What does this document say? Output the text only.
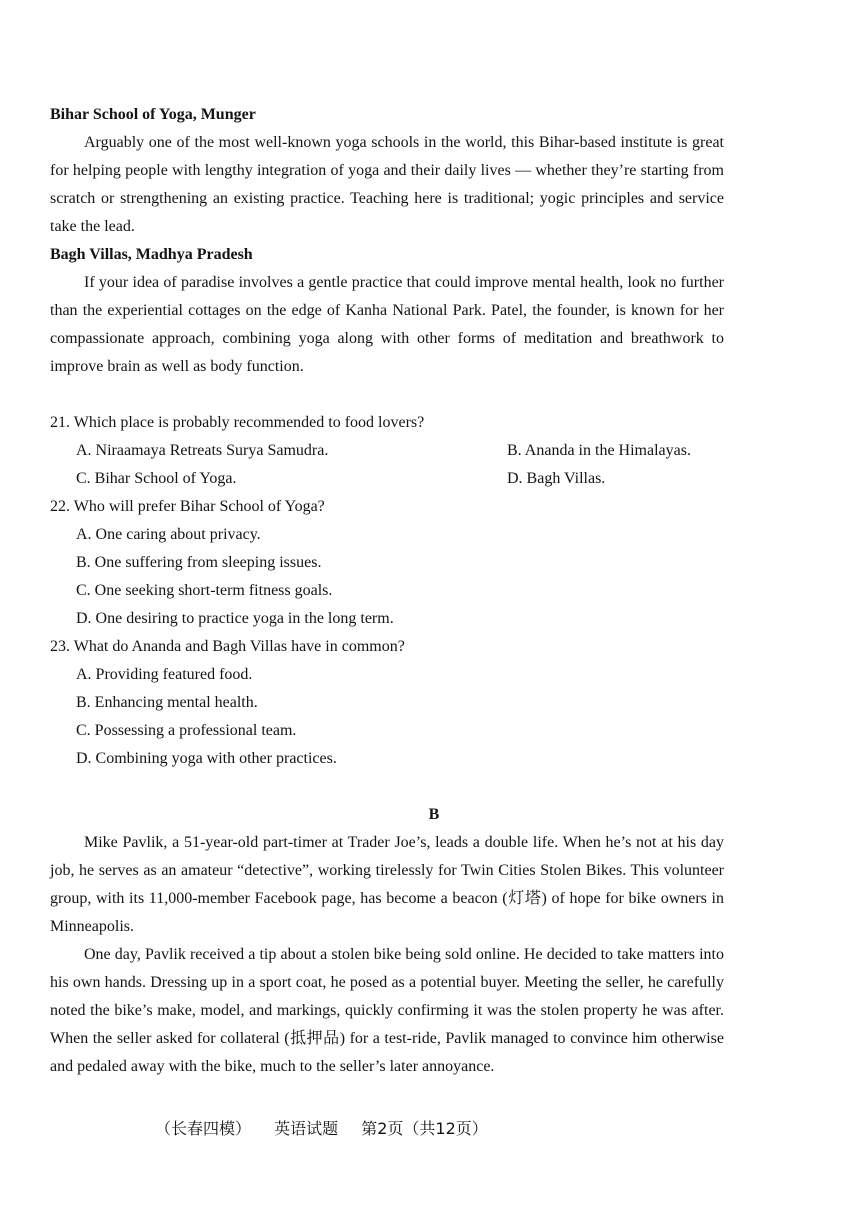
Bihar School of Yoga, Munger
Arguably one of the most well-known yoga schools in the world, this Bihar-based institute is great for helping people with lengthy integration of yoga and their daily lives — whether they’re starting from scratch or strengthening an existing practice. Teaching here is traditional; yogic principles and service take the lead.
Bagh Villas, Madhya Pradesh
If your idea of paradise involves a gentle practice that could improve mental health, look no further than the experiential cottages on the edge of Kanha National Park. Patel, the founder, is known for her compassionate approach, combining yoga along with other forms of meditation and breathwork to improve brain as well as body function.
21. Which place is probably recommended to food lovers?
A. Niraamaya Retreats Surya Samudra.	B. Ananda in the Himalayas.
C. Bihar School of Yoga.	D. Bagh Villas.
22. Who will prefer Bihar School of Yoga?
A. One caring about privacy.
B. One suffering from sleeping issues.
C. One seeking short-term fitness goals.
D. One desiring to practice yoga in the long term.
23. What do Ananda and Bagh Villas have in common?
A. Providing featured food.
B. Enhancing mental health.
C. Possessing a professional team.
D. Combining yoga with other practices.
B
Mike Pavlik, a 51-year-old part-timer at Trader Joe’s, leads a double life. When he’s not at his day job, he serves as an amateur “detective”, working tirelessly for Twin Cities Stolen Bikes. This volunteer group, with its 11,000-member Facebook page, has become a beacon (灯塔) of hope for bike owners in Minneapolis.
One day, Pavlik received a tip about a stolen bike being sold online. He decided to take matters into his own hands. Dressing up in a sport coat, he posed as a potential buyer. Meeting the seller, he carefully noted the bike’s make, model, and markings, quickly confirming it was the stolen property he was after. When the seller asked for collateral (抵押品) for a test-ride, Pavlik managed to convince him otherwise and pedaled away with the bike, much to the seller’s later annoyance.
（长春四模） 英语试题 第2页（共12页）
